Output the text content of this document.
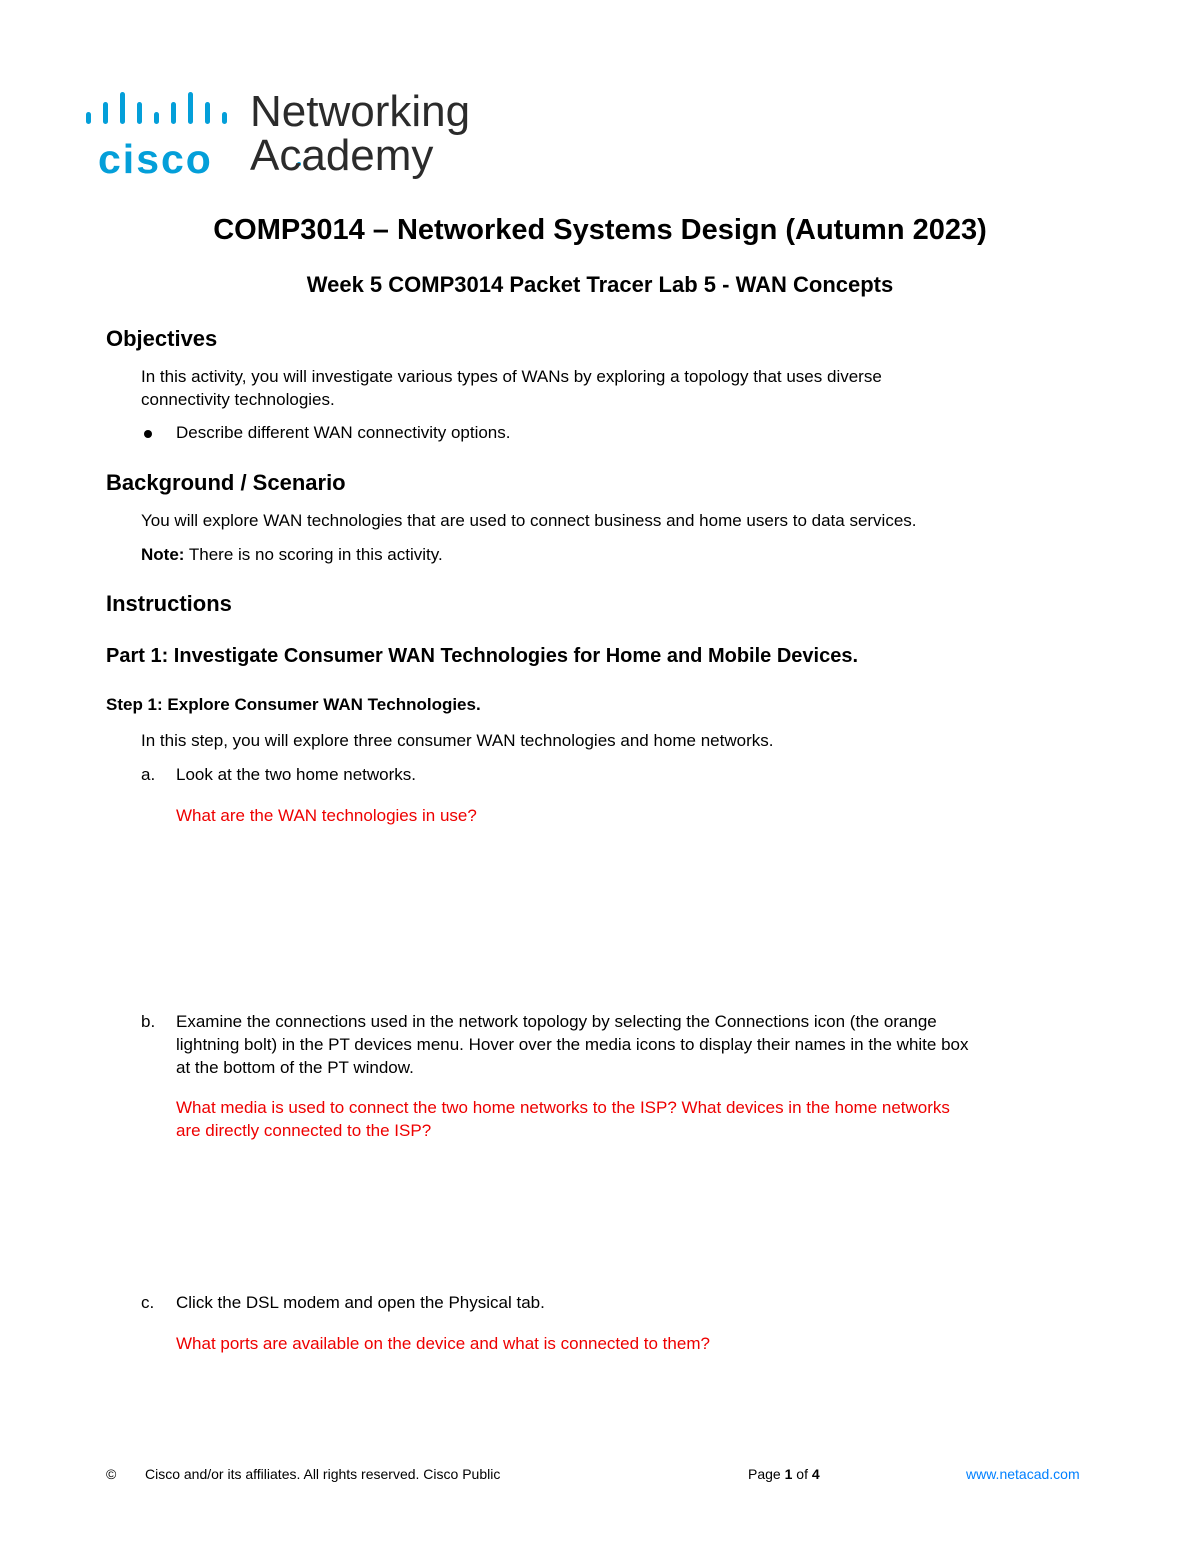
cisco
Networking
Academy
COMP3014 – Networked Systems Design (Autumn 2023)
Week 5 COMP3014 Packet Tracer Lab 5 - WAN Concepts
Objectives
In this activity, you will investigate various types of WANs by exploring a topology that uses diverse
connectivity technologies.
Describe different WAN connectivity options.
Background / Scenario
You will explore WAN technologies that are used to connect business and home users to data services.
Note: There is no scoring in this activity.
Instructions
Part 1: Investigate Consumer WAN Technologies for Home and Mobile Devices.
Step 1: Explore Consumer WAN Technologies.
In this step, you will explore three consumer WAN technologies and home networks.
a. Look at the two home networks.
What are the WAN technologies in use?
b. Examine the connections used in the network topology by selecting the Connections icon (the orange
lightning bolt) in the PT devices menu. Hover over the media icons to display their names in the white box
at the bottom of the PT window.
What media is used to connect the two home networks to the ISP? What devices in the home networks
are directly connected to the ISP?
c. Click the DSL modem and open the Physical tab.
What ports are available on the device and what is connected to them?
© Cisco and/or its affiliates. All rights reserved. Cisco Public	Page 1 of 4	www.netacad.com
